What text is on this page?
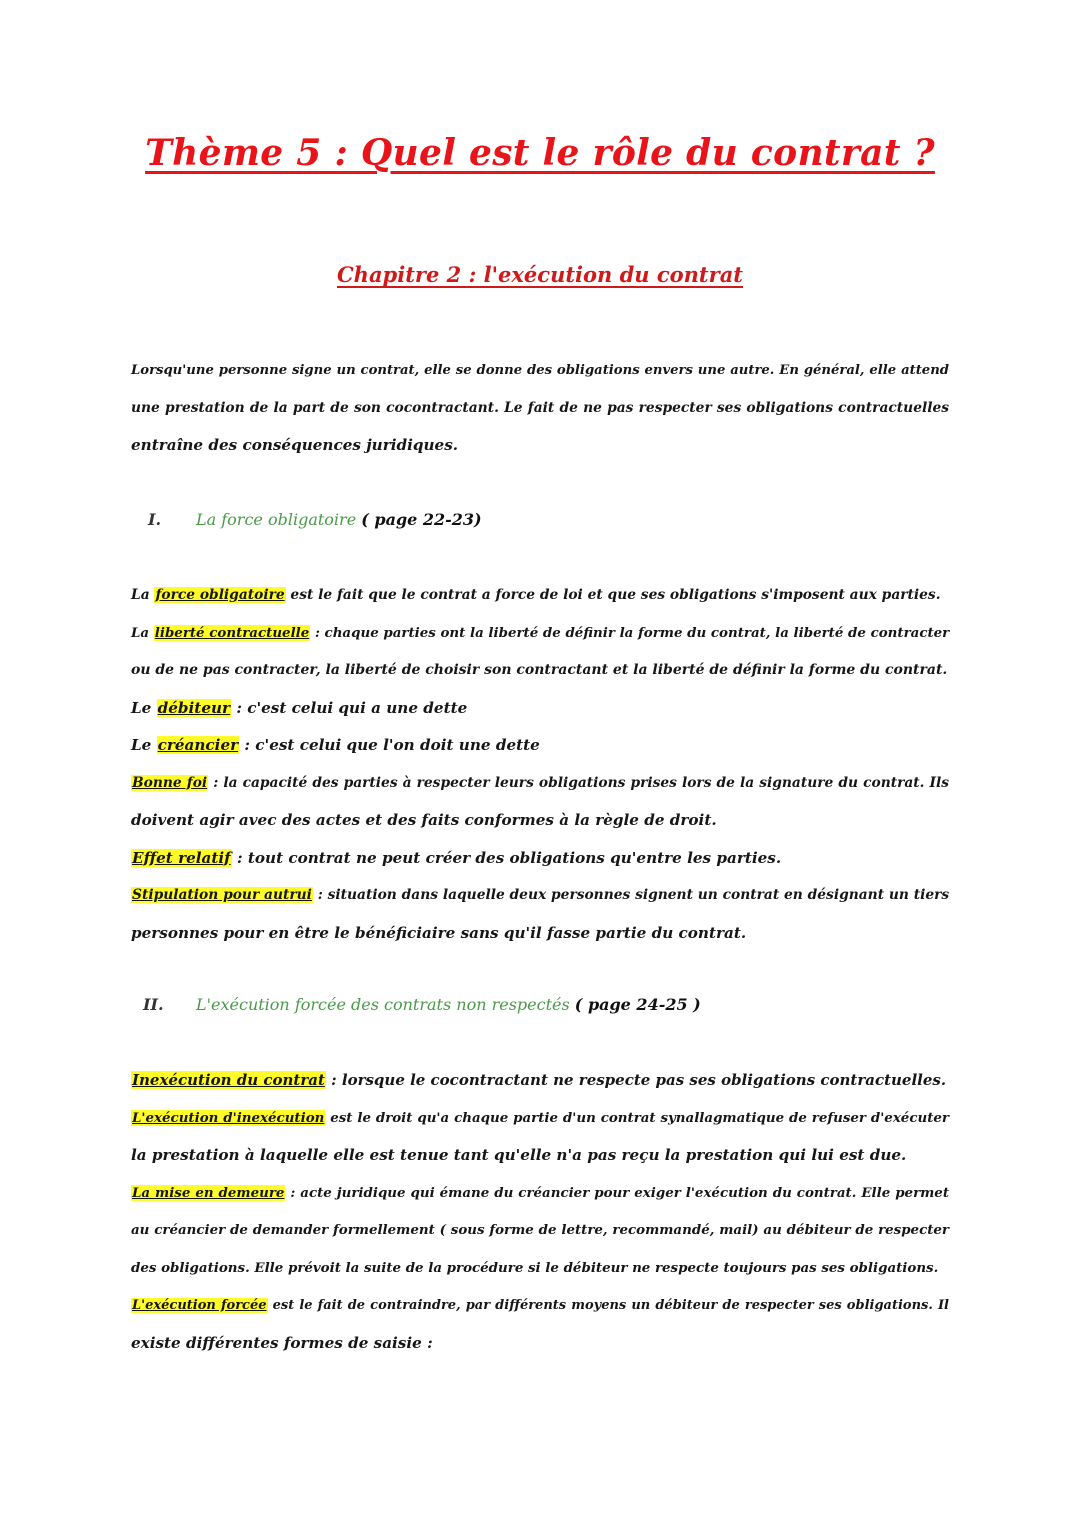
Thème 5 : Quel est le rôle du contrat ?
Chapitre 2 : l'exécution du contrat
Lorsqu'une personne signe un contrat, elle se donne des obligations envers une autre. En général, elle attend
une prestation de la part de son cocontractant. Le fait de ne pas respecter ses obligations contractuelles
entraîne des conséquences juridiques.
I. La force obligatoire ( page 22-23)
La force obligatoire est le fait que le contrat a force de loi et que ses obligations s'imposent aux parties.
La liberté contractuelle : chaque parties ont la liberté de définir la forme du contrat, la liberté de contracter
ou de ne pas contracter, la liberté de choisir son contractant et la liberté de définir la forme du contrat.
Le débiteur : c'est celui qui a une dette
Le créancier : c'est celui que l'on doit une dette
Bonne foi : la capacité des parties à respecter leurs obligations prises lors de la signature du contrat. Ils
doivent agir avec des actes et des faits conformes à la règle de droit.
Effet relatif : tout contrat ne peut créer des obligations qu'entre les parties.
Stipulation pour autrui : situation dans laquelle deux personnes signent un contrat en désignant un tiers
personnes pour en être le bénéficiaire sans qu'il fasse partie du contrat.
II. L'exécution forcée des contrats non respectés ( page 24-25 )
Inexécution du contrat : lorsque le cocontractant ne respecte pas ses obligations contractuelles.
L'exécution d'inexécution est le droit qu'a chaque partie d'un contrat synallagmatique de refuser d'exécuter
la prestation à laquelle elle est tenue tant qu'elle n'a pas reçu la prestation qui lui est due.
La mise en demeure : acte juridique qui émane du créancier pour exiger l'exécution du contrat. Elle permet
au créancier de demander formellement ( sous forme de lettre, recommandé, mail) au débiteur de respecter
des obligations. Elle prévoit la suite de la procédure si le débiteur ne respecte toujours pas ses obligations.
L'exécution forcée est le fait de contraindre, par différents moyens un débiteur de respecter ses obligations. Il
existe différentes formes de saisie :
